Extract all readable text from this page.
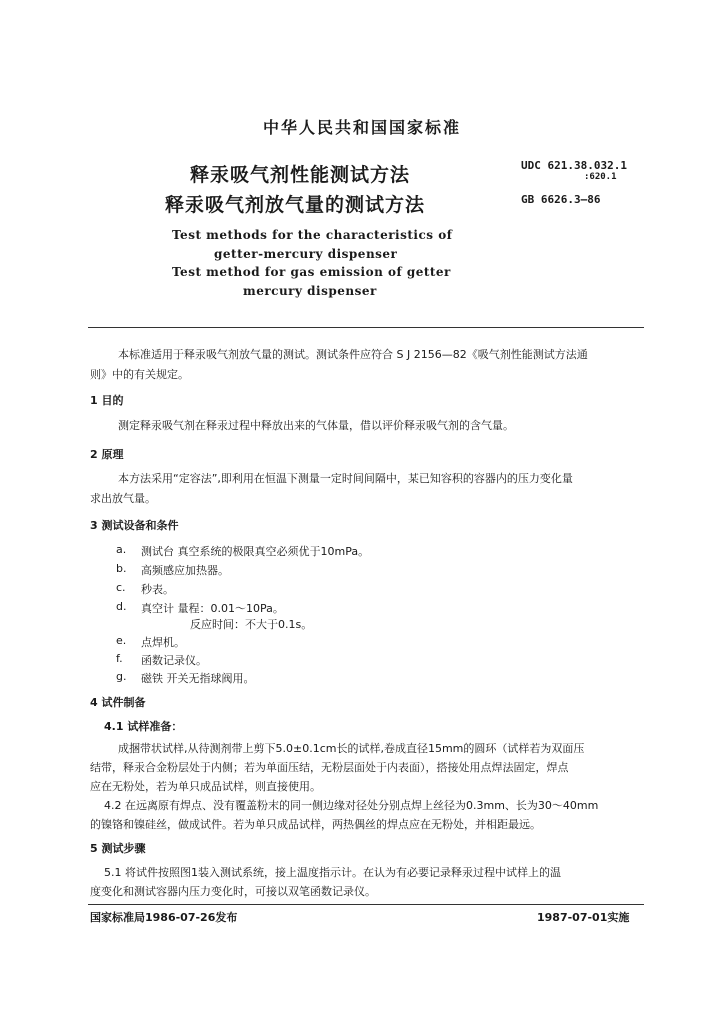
中华人民共和国国家标准
释汞吸气剂性能测试方法
释汞吸气剂放气量的测试方法
UDC 621.38.032.1
:620.1
GB 6626.3—86
Test methods for the characteristics of
getter-mercury dispenser
Test method for gas emission of getter
mercury dispenser
本标准适用于释汞吸气剂放气量的测试。测试条件应符合 S J 2156—82《吸气剂性能测试方法通
则》中的有关规定。
1 目的
测定释汞吸气剂在释汞过程中释放出来的气体量，借以评价释汞吸气剂的含气量。
2 原理
本方法采用“定容法”,即利用在恒温下测量一定时间间隔中，某已知容积的容器内的压力变化量
求出放气量。
3 测试设备和条件
a. 测试台 真空系统的极限真空必须优于10mPa。
b. 高频感应加热器。
c. 秒表。
d. 真空计 量程：0.01～10Pa。
反应时间：不大于0.1s。
e. 点焊机。
f. 函数记录仪。
g. 磁铁 开关无指球阀用。
4 试件制备
4.1 试样准备：
成捆带状试样,从待测剂带上剪下5.0±0.1cm长的试样,卷成直径15mm的圆环（试样若为双面压
结带，释汞合金粉层处于内侧；若为单面压结，无粉层面处于内表面），搭接处用点焊法固定，焊点
应在无粉处，若为单只成品试样，则直接使用。
4.2 在远离原有焊点、没有覆盖粉末的同一侧边缘对径处分别点焊上丝径为0.3mm、长为30～40mm
的镍铬和镍硅丝，做成试件。若为单只成品试样，两热偶丝的焊点应在无粉处，并相距最远。
5 测试步骤
5.1 将试件按照图1装入测试系统，接上温度指示计。在认为有必要记录释汞过程中试样上的温
度变化和测试容器内压力变化时，可接以双笔函数记录仪。
国家标准局1986-07-26发布	1987-07-01实施
